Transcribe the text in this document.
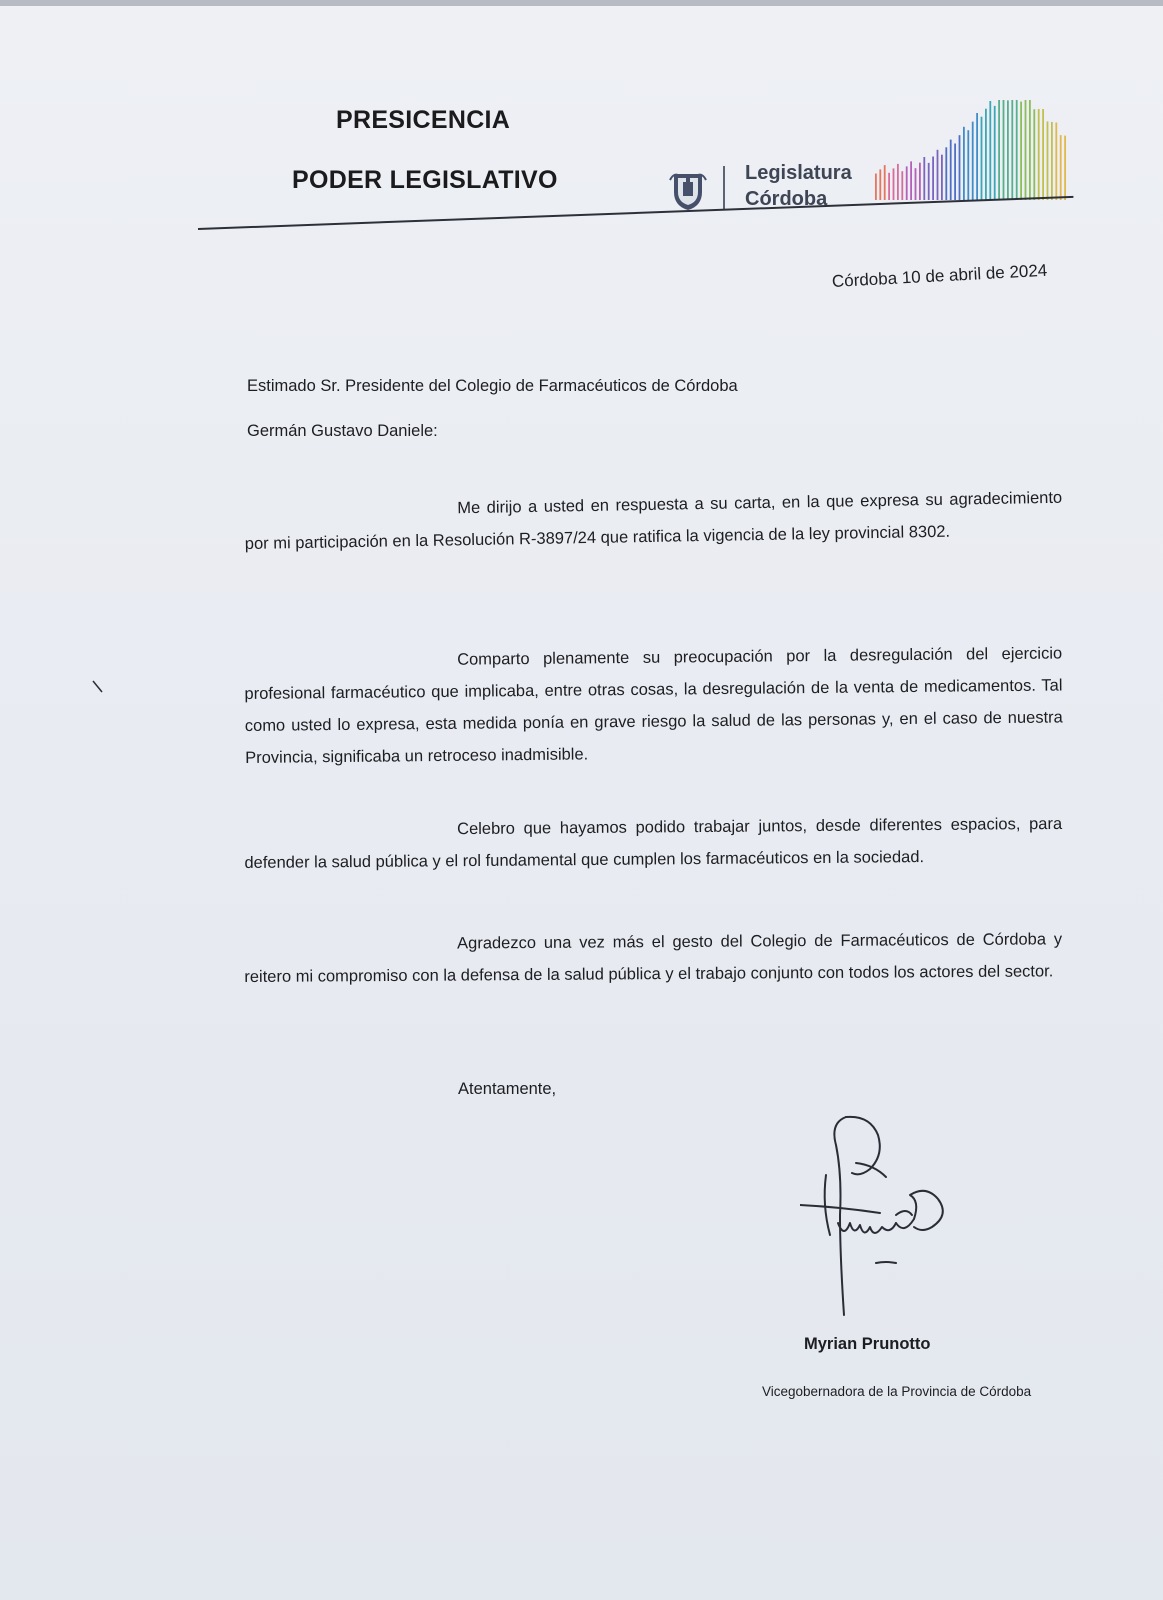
PRESICENCIA
PODER LEGISLATIVO	Legislatura
Córdoba
Córdoba 10 de abril de 2024
Estimado Sr. Presidente del Colegio de Farmacéuticos de Córdoba
Germán Gustavo Daniele:
Me dirijo a usted en respuesta a su carta, en la que expresa su agradecimiento por mi participación en la Resolución R-3897/24 que ratifica la vigencia de la ley provincial 8302.
Comparto plenamente su preocupación por la desregulación del ejercicio profesional farmacéutico que implicaba, entre otras cosas, la desregulación de la venta de medicamentos. Tal como usted lo expresa, esta medida ponía en grave riesgo la salud de las personas y, en el caso de nuestra Provincia, significaba un retroceso inadmisible.
Celebro que hayamos podido trabajar juntos, desde diferentes espacios, para defender la salud pública y el rol fundamental que cumplen los farmacéuticos en la sociedad.
Agradezco una vez más el gesto del Colegio de Farmacéuticos de Córdoba y reitero mi compromiso con la defensa de la salud pública y el trabajo conjunto con todos los actores del sector.
Atentamente,
Myrian Prunotto
Vicegobernadora de la Provincia de Córdoba
